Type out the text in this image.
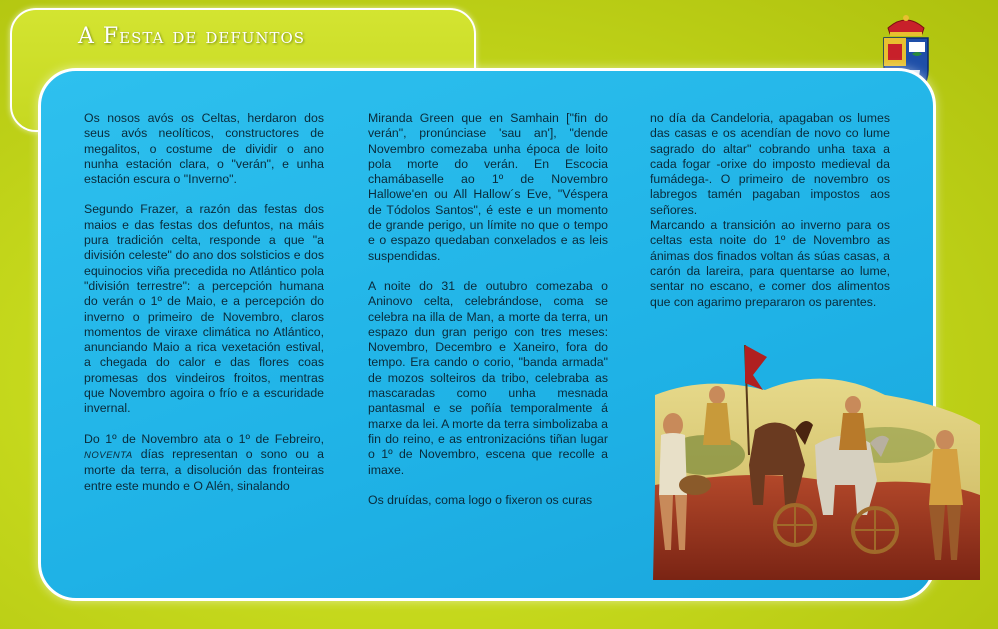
A Festa de defuntos

Os nosos avós os Celtas, herdaron dos seus avós neolíticos, constructores de megalitos, o costume de dividir o ano nunha estación clara, o "verán", e unha estación escura o "Inverno".

Segundo Frazer, a razón das festas dos maios e das festas dos defuntos, na máis pura tradición celta, responde a que "a división celeste" do ano dos solsticios e dos equinocios viña precedida no Atlántico pola "división terrestre": a percepción humana do verán o 1º de Maio, e a percepción do inverno o primeiro de Novembro, claros momentos de viraxe climática no Atlántico, anunciando Maio a rica vexetación estival, a chegada do calor e das flores coas promesas dos vindeiros froitos, mentras que Novembro agoira o frío e a escuridade invernal.

Do 1º de Novembro ata o 1º de Febreiro, NOVENTA días representan o sono ou a morte da terra, a disolución das fronteiras entre este mundo e O Alén, sinalando

Miranda Green que en Samhain ["fin do verán", pronúnciase 'sau an'], "dende Novembro comezaba unha época de loito pola morte do verán. En Escocia chamábaselle ao 1º de Novembro Hallowe'en ou All Hallow´s Eve, "Véspera de Tódolos Santos", é este e un momento de grande perigo, un límite no que o tempo e o espazo quedaban conxelados e as leis suspendidas.

A noite do 31 de outubro comezaba o Aninovo celta, celebrándose, coma se celebra na illa de Man, a morte da terra, un espazo dun gran perigo con tres meses: Novembro, Decembro e Xaneiro, fora do tempo. Era cando o corio, "banda armada" de mozos solteiros da tribo, celebraba as mascaradas como unha mesnada pantasmal e se poñía temporalmente á marxe da lei. A morte da terra simbolizaba a fin do reino, e as entronizacións tiñan lugar o 1º de Novembro, escena que recolle a imaxe.

Os druídas, coma logo o fixeron os curas

no día da Candeloria, apagaban os lumes das casas e os acendían de novo co lume sagrado do altar" cobrando unha taxa a cada fogar -orixe do imposto medieval da fumádega-. O primeiro de novembro os labregos tamén pagaban impostos aos señores.

Marcando a transición ao inverno para os celtas esta noite do 1º de Novembro as ánimas dos finados voltan ás súas casas, a carón da lareira, para quentarse ao lume, sentar no escano, e comer dos alimentos que con agarimo prepararon os parentes.
